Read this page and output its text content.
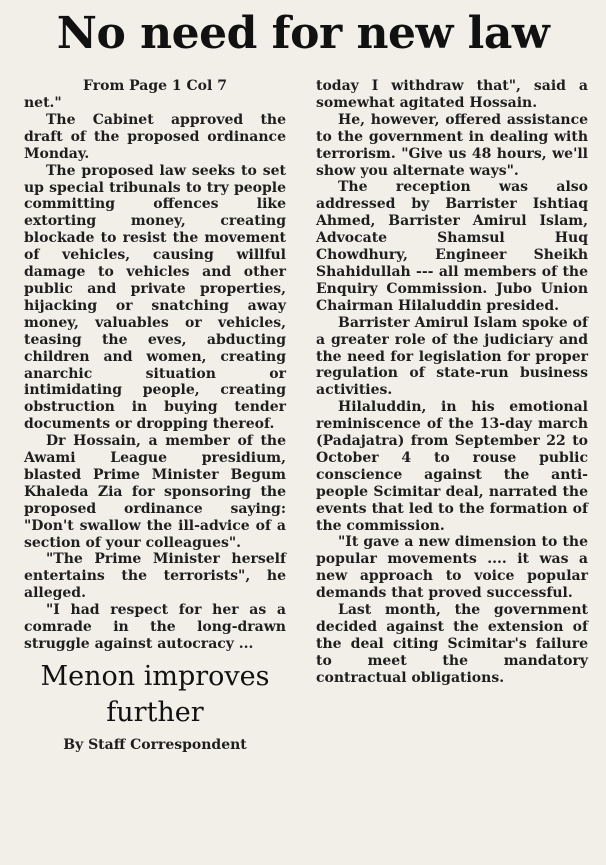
No need for new law
From Page 1 Col 7

net."

The Cabinet approved the draft of the proposed ordinance Monday.

The proposed law seeks to set up special tribunals to try people committing offences like extorting money, creating blockade to resist the movement of vehicles, causing willful damage to vehicles and other public and private properties, hijacking or snatching away money, valuables or vehicles, teasing the eves, abducting children and women, creating anarchic situation or intimidating people, creating obstruction in buying tender documents or dropping thereof.

Dr Hossain, a member of the Awami League presidium, blasted Prime Minister Begum Khaleda Zia for sponsoring the proposed ordinance saying: "Don't swallow the ill-advice of a section of your colleagues".

"The Prime Minister herself entertains the terrorists", he alleged.

"I had respect for her as a comrade in the long-drawn struggle against autocracy ...

Menon improves further
By Staff Correspondent

today I withdraw that", said a somewhat agitated Hossain.

He, however, offered assistance to the government in dealing with terrorism. "Give us 48 hours, we'll show you alternate ways".

The reception was also addressed by Barrister Ishtiaq Ahmed, Barrister Amirul Islam, Advocate Shamsul Huq Chowdhury, Engineer Sheikh Shahidullah --- all members of the Enquiry Commission. Jubo Union Chairman Hilaluddin presided.

Barrister Amirul Islam spoke of a greater role of the judiciary and the need for legislation for proper regulation of state-run business activities.

Hilaluddin, in his emotional reminiscence of the 13-day march (Padajatra) from September 22 to October 4 to rouse public conscience against the anti-people Scimitar deal, narrated the events that led to the formation of the commission.

"It gave a new dimension to the popular movements .... it was a new approach to voice popular demands that proved successful.

Last month, the government decided against the extension of the deal citing Scimitar's failure to meet the mandatory contractual obligations.
